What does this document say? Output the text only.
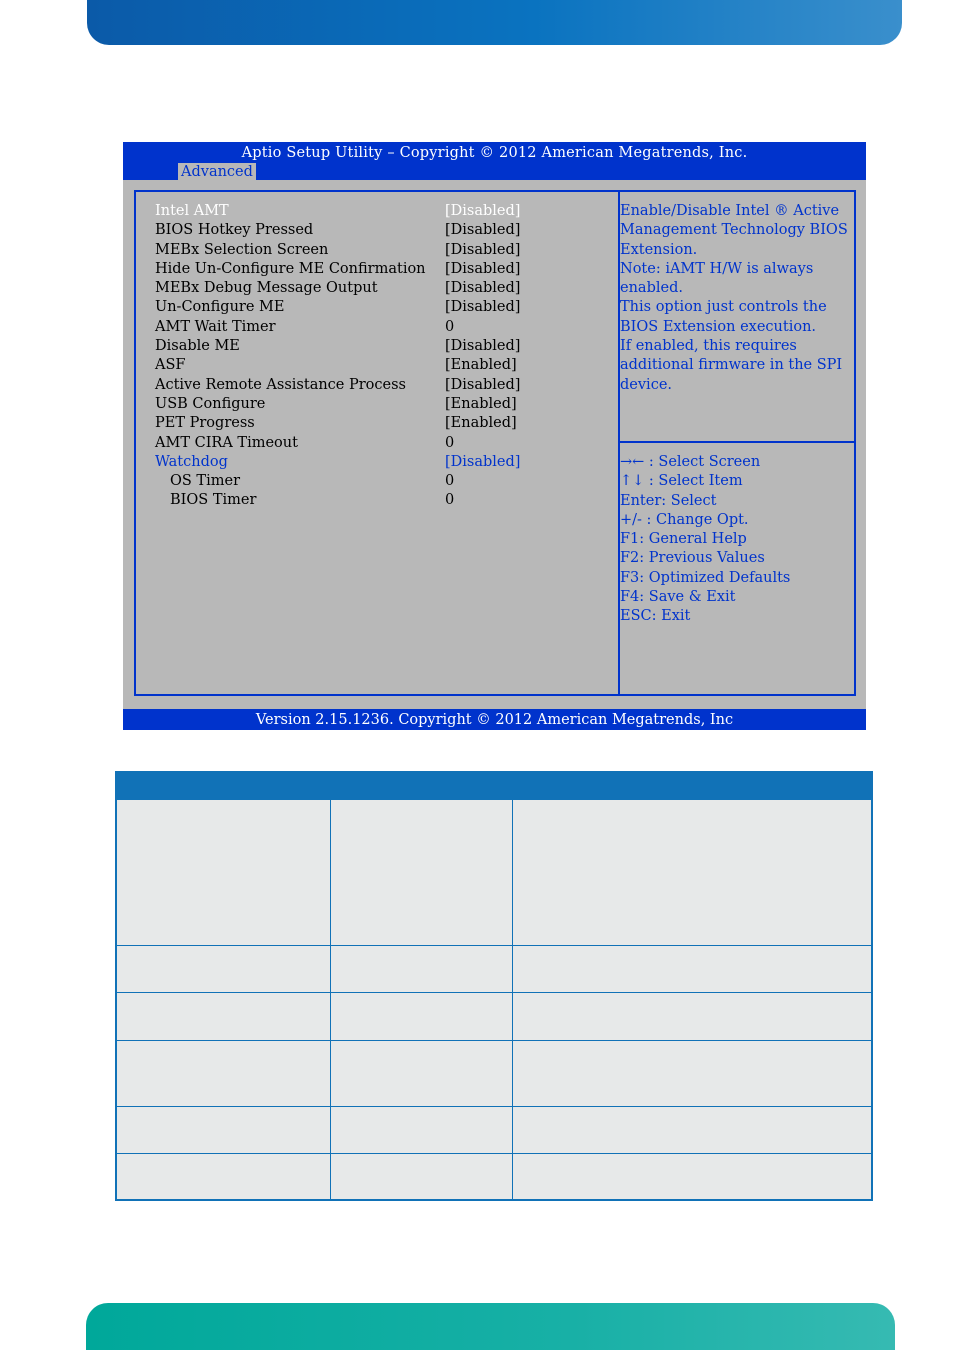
Aptio Setup Utility – Copyright © 2012 American Megatrends, Inc.
Advanced
Intel AMT	[Disabled]
BIOS Hotkey Pressed	[Disabled]
MEBx Selection Screen	[Disabled]
Hide Un-Configure ME Confirmation [Disabled]
MEBx Debug Message Output	[Disabled]
Un-Configure ME	[Disabled]
AMT Wait Timer	0
Disable ME	[Disabled]
ASF	[Enabled]
Active Remote Assistance Process	[Disabled]
USB Configure	[Enabled]
PET Progress	[Enabled]
AMT CIRA Timeout	0
Watchdog	[Disabled]
OS Timer	0
BIOS Timer	0
Enable/Disable Intel ® Active
Management Technology BIOS
Extension.
Note: iAMT H/W is always
enabled.
This option just controls the
BIOS Extension execution.
If enabled, this requires
additional firmware in the SPI
device.
→← : Select Screen
↑↓ : Select Item
Enter: Select
+/- : Change Opt.
F1: General Help
F2: Previous Values
F3: Optimized Defaults
F4: Save & Exit
ESC: Exit
Version 2.15.1236. Copyright © 2012 American Megatrends, Inc
